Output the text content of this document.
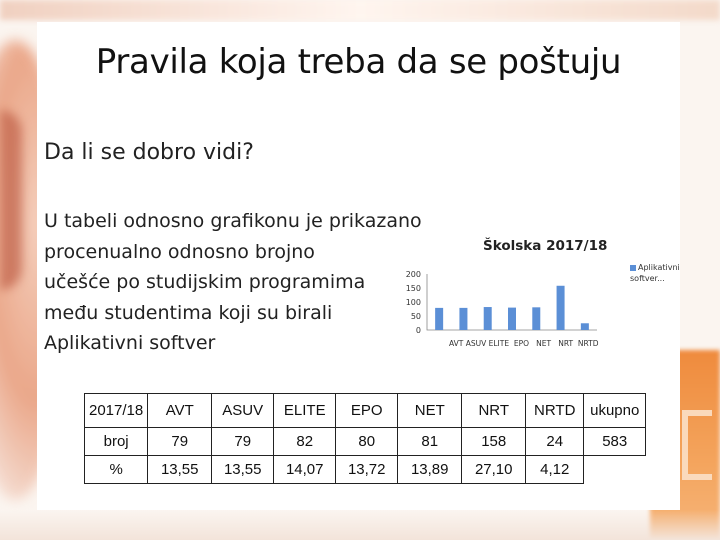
Pravila koja treba da se poštuju
Da li se dobro vidi?
U tabeli odnosno grafikonu je prikazano
procenualno odnosno brojno
učešće po studijskim programima
među studentima koji su birali
Aplikativni softver
Školska 2017/18
Aplikativni softver...
200
150
100
50
0
AVT ASUV ELITE  EPO   NET   NRT  NRTD
2017/18	AVT	ASUV	ELITE	EPO	NET	NRT	NRTD	ukupno
broj	79	79	82	80	81	158	24	583
%	13,55	13,55	14,07	13,72	13,89	27,10	4,12	
